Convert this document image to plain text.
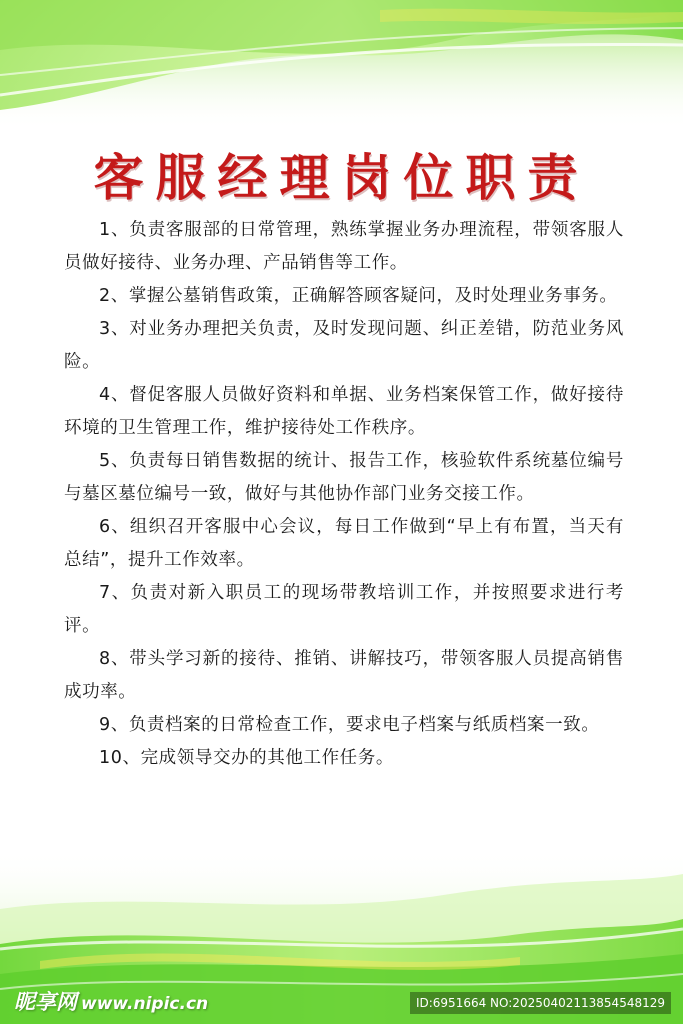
客服经理岗位职责
1、负责客服部的日常管理，熟练掌握业务办理流程，带领客服人员做好接待、业务办理、产品销售等工作。
2、掌握公墓销售政策，正确解答顾客疑问，及时处理业务事务。
3、对业务办理把关负责，及时发现问题、纠正差错，防范业务风险。
4、督促客服人员做好资料和单据、业务档案保管工作，做好接待环境的卫生管理工作，维护接待处工作秩序。
5、负责每日销售数据的统计、报告工作，核验软件系统墓位编号与墓区墓位编号一致，做好与其他协作部门业务交接工作。
6、组织召开客服中心会议，每日工作做到“早上有布置，当天有总结”，提升工作效率。
7、负责对新入职员工的现场带教培训工作，并按照要求进行考评。
8、带头学习新的接待、推销、讲解技巧，带领客服人员提高销售成功率。
9、负责档案的日常检查工作，要求电子档案与纸质档案一致。
10、完成领导交办的其他工作任务。
昵享网 www.nipic.cn	ID:6951664 NO:20250402113854548129
